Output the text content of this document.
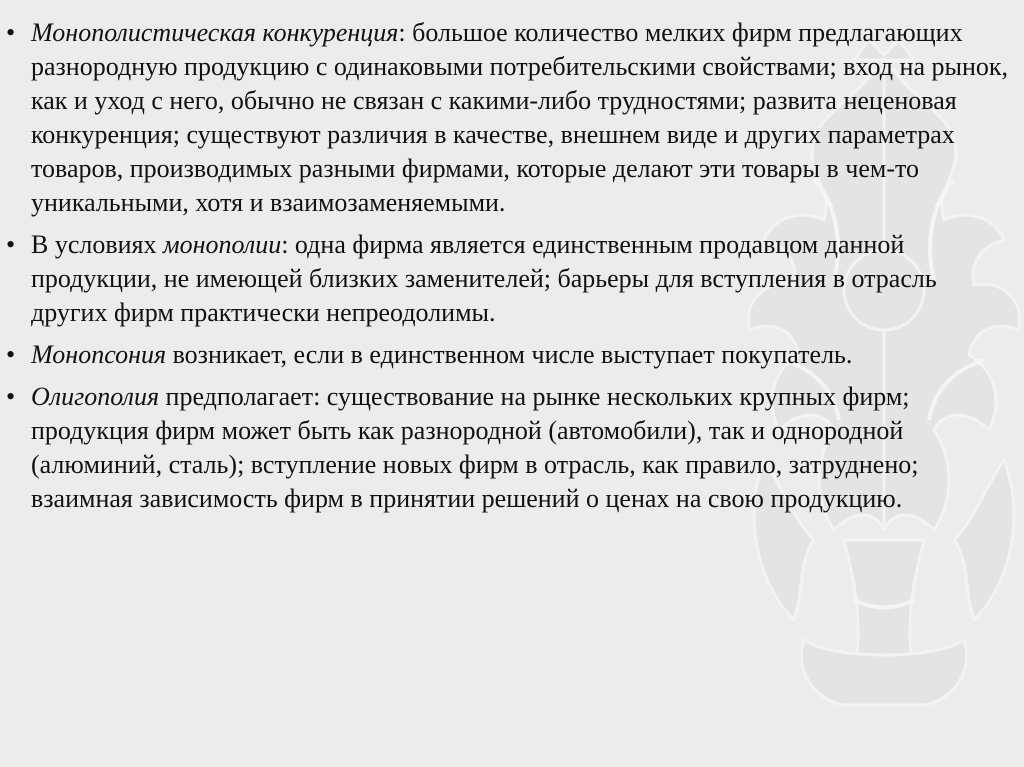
• Монополистическая конкуренция: большое количество мелких фирм предлагающих разнородную продукцию с одинаковыми потребительскими свойствами; вход на рынок, как и уход с него, обычно не связан с какими-либо трудностями; развита неценовая конкуренция; существуют различия в качестве, внешнем виде и других параметрах товаров, производимых разными фирмами, которые делают эти товары в чем-то уникальными, хотя и взаимозаменяемыми.
• В условиях монополии: одна фирма является единственным продавцом данной продукции, не имеющей близких заменителей; барьеры для вступления в отрасль других фирм практически непреодолимы.
• Монопсония возникает, если в единственном числе выступает покупатель.
• Олигополия предполагает: существование на рынке нескольких крупных фирм; продукция фирм может быть как разнородной (автомобили), так и однородной (алюминий, сталь); вступление новых фирм в отрасль, как правило, затруднено; взаимная зависимость фирм в принятии решений о ценах на свою продукцию.
